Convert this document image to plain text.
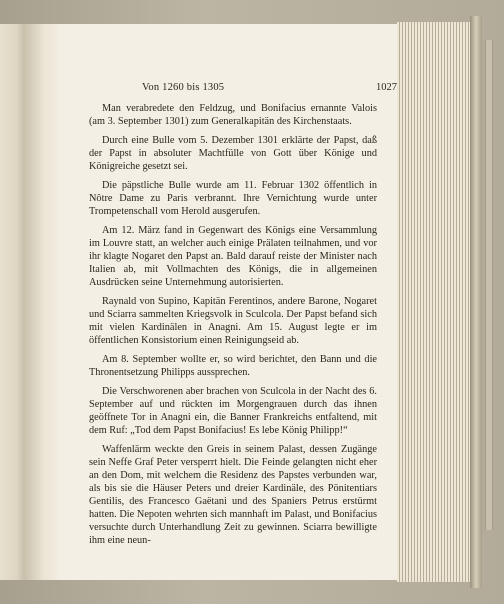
Von 1260 bis 1305	1027

Man verabredete den Feldzug, und Bonifacius ernannte Valois (am 3. September 1301) zum Generalkapitän des Kirchenstaats.

Durch eine Bulle vom 5. Dezember 1301 erklärte der Papst, daß der Papst in absoluter Machtfülle von Gott über Könige und Königreiche gesetzt sei.

Die päpstliche Bulle wurde am 11. Februar 1302 öffentlich in Nôtre Dame zu Paris verbrannt. Ihre Vernichtung wurde unter Trompetenschall vom Herold ausgerufen.

Am 12. März fand in Gegenwart des Königs eine Versammlung im Louvre statt, an welcher auch einige Prälaten teilnahmen, und vor ihr klagte Nogaret den Papst an. Bald darauf reiste der Minister nach Italien ab, mit Vollmachten des Königs, die in allgemeinen Ausdrücken seine Unternehmung autorisierten.

Raynald von Supino, Kapitän Ferentinos, andere Barone, Nogaret und Sciarra sammelten Kriegsvolk in Sculcola. Der Papst befand sich mit vielen Kardinälen in Anagni. Am 15. August legte er im öffentlichen Konsistorium einen Reinigungseid ab.

Am 8. September wollte er, so wird berichtet, den Bann und die Thronentsetzung Philipps aussprechen.

Die Verschworenen aber brachen von Sculcola in der Nacht des 6. September auf und rückten im Morgengrauen durch das ihnen geöffnete Tor in Anagni ein, die Banner Frankreichs entfaltend, mit dem Ruf: „Tod dem Papst Bonifacius! Es lebe König Philipp!“

Waffenlärm weckte den Greis in seinem Palast, dessen Zugänge sein Neffe Graf Peter versperrt hielt. Die Feinde gelangten nicht eher an den Dom, mit welchem die Residenz des Papstes verbunden war, als bis sie die Häuser Peters und dreier Kardinäle, des Pönitentiars Gentilis, des Francesco Gaëtani und des Spaniers Petrus erstürmt hatten. Die Nepoten wehrten sich mannhaft im Palast, und Bonifacius versuchte durch Unterhandlung Zeit zu gewinnen. Sciarra bewilligte ihm eine neun-
